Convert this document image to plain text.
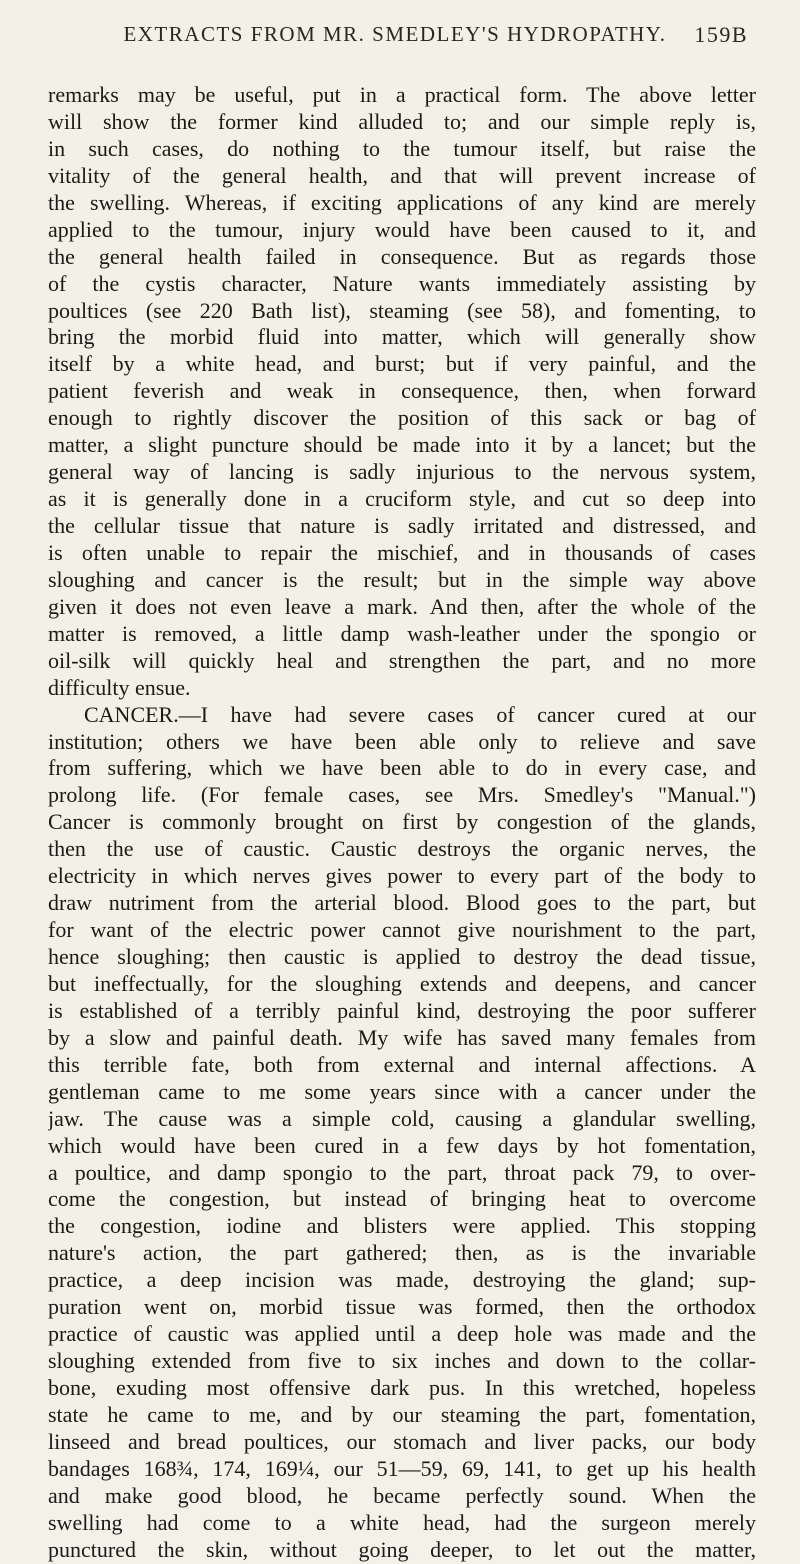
EXTRACTS FROM MR. SMEDLEY'S HYDROPATHY. 159B
remarks may be useful, put in a practical form. The above letter
will show the former kind alluded to; and our simple reply is,
in such cases, do nothing to the tumour itself, but raise the
vitality of the general health, and that will prevent increase of
the swelling. Whereas, if exciting applications of any kind are merely
applied to the tumour, injury would have been caused to it, and
the general health failed in consequence. But as regards those
of the cystis character, Nature wants immediately assisting by
poultices (see 220 Bath list), steaming (see 58), and fomenting, to
bring the morbid fluid into matter, which will generally show
itself by a white head, and burst; but if very painful, and the
patient feverish and weak in consequence, then, when forward
enough to rightly discover the position of this sack or bag of
matter, a slight puncture should be made into it by a lancet; but the
general way of lancing is sadly injurious to the nervous system,
as it is generally done in a cruciform style, and cut so deep into
the cellular tissue that nature is sadly irritated and distressed, and
is often unable to repair the mischief, and in thousands of cases
sloughing and cancer is the result; but in the simple way above
given it does not even leave a mark. And then, after the whole of the
matter is removed, a little damp wash-leather under the spongio or
oil-silk will quickly heal and strengthen the part, and no more
difficulty ensue.
CANCER.—I have had severe cases of cancer cured at our
institution; others we have been able only to relieve and save
from suffering, which we have been able to do in every case, and
prolong life. (For female cases, see Mrs. Smedley's "Manual.")
Cancer is commonly brought on first by congestion of the glands,
then the use of caustic. Caustic destroys the organic nerves, the
electricity in which nerves gives power to every part of the body to
draw nutriment from the arterial blood. Blood goes to the part, but
for want of the electric power cannot give nourishment to the part,
hence sloughing; then caustic is applied to destroy the dead tissue,
but ineffectually, for the sloughing extends and deepens, and cancer
is established of a terribly painful kind, destroying the poor sufferer
by a slow and painful death. My wife has saved many females from
this terrible fate, both from external and internal affections. A
gentleman came to me some years since with a cancer under the
jaw. The cause was a simple cold, causing a glandular swelling,
which would have been cured in a few days by hot fomentation,
a poultice, and damp spongio to the part, throat pack 79, to over-
come the congestion, but instead of bringing heat to overcome
the congestion, iodine and blisters were applied. This stopping
nature's action, the part gathered; then, as is the invariable
practice, a deep incision was made, destroying the gland; sup-
puration went on, morbid tissue was formed, then the orthodox
practice of caustic was applied until a deep hole was made and the
sloughing extended from five to six inches and down to the collar-
bone, exuding most offensive dark pus. In this wretched, hopeless
state he came to me, and by our steaming the part, fomentation,
linseed and bread poultices, our stomach and liver packs, our body
bandages 168¾, 174, 169¼, our 51—59, 69, 141, to get up his health
and make good blood, he became perfectly sound. When the
swelling had come to a white head, had the surgeon merely
punctured the skin, without going deeper, to let out the matter,
